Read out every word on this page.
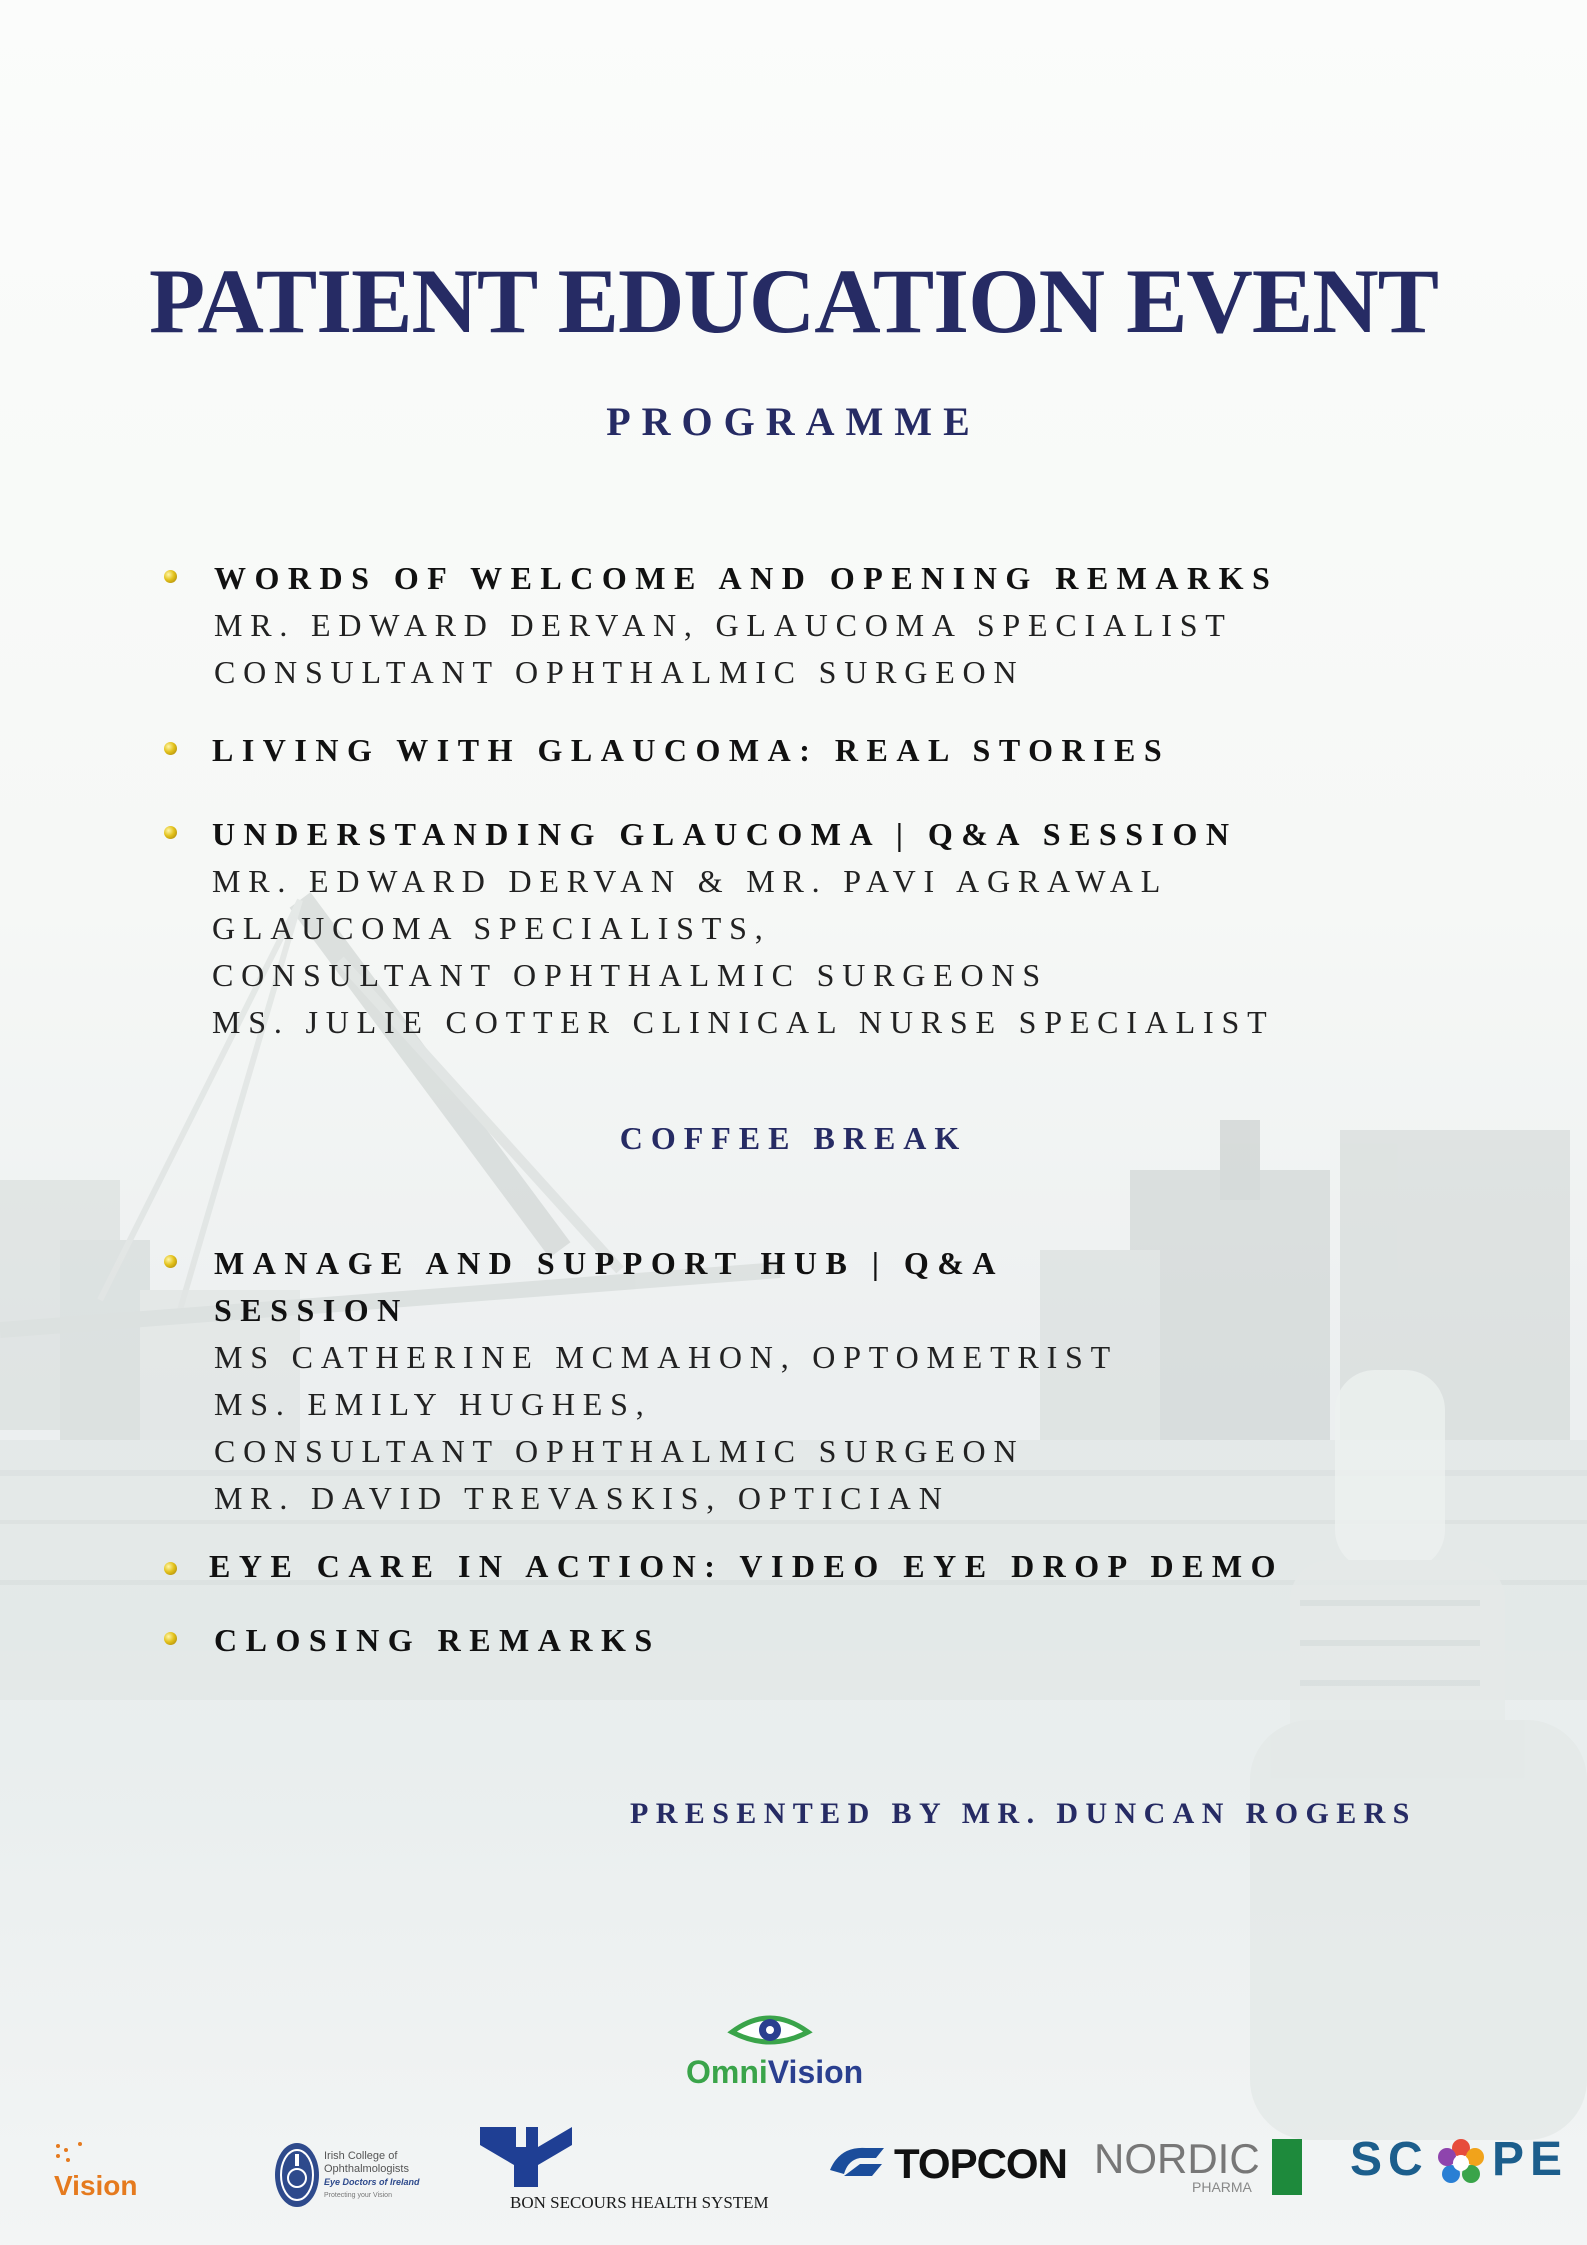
PATIENT EDUCATION EVENT
PROGRAMME
WORDS OF WELCOME AND OPENING REMARKS
MR. EDWARD DERVAN, GLAUCOMA SPECIALIST
CONSULTANT OPHTHALMIC SURGEON
LIVING WITH GLAUCOMA: REAL STORIES
UNDERSTANDING GLAUCOMA | Q&A SESSION
MR. EDWARD DERVAN & MR. PAVI AGRAWAL
GLAUCOMA SPECIALISTS,
CONSULTANT OPHTHALMIC SURGEONS
MS. JULIE COTTER CLINICAL NURSE SPECIALIST
COFFEE BREAK
MANAGE AND SUPPORT HUB | Q&A
SESSION
MS CATHERINE MCMAHON, OPTOMETRIST
MS. EMILY HUGHES,
CONSULTANT OPHTHALMIC SURGEON
MR. DAVID TREVASKIS, OPTICIAN
EYE CARE IN ACTION: VIDEO EYE DROP DEMO
CLOSING REMARKS
PRESENTED BY MR. DUNCAN ROGERS
OmniVision
Vision
Irish College of
Ophthalmologists
Eye Doctors of Ireland
Protecting your Vision	BON SECOURS HEALTH SYSTEM
TOPCON NORDIC
PHARMA
SC PE
